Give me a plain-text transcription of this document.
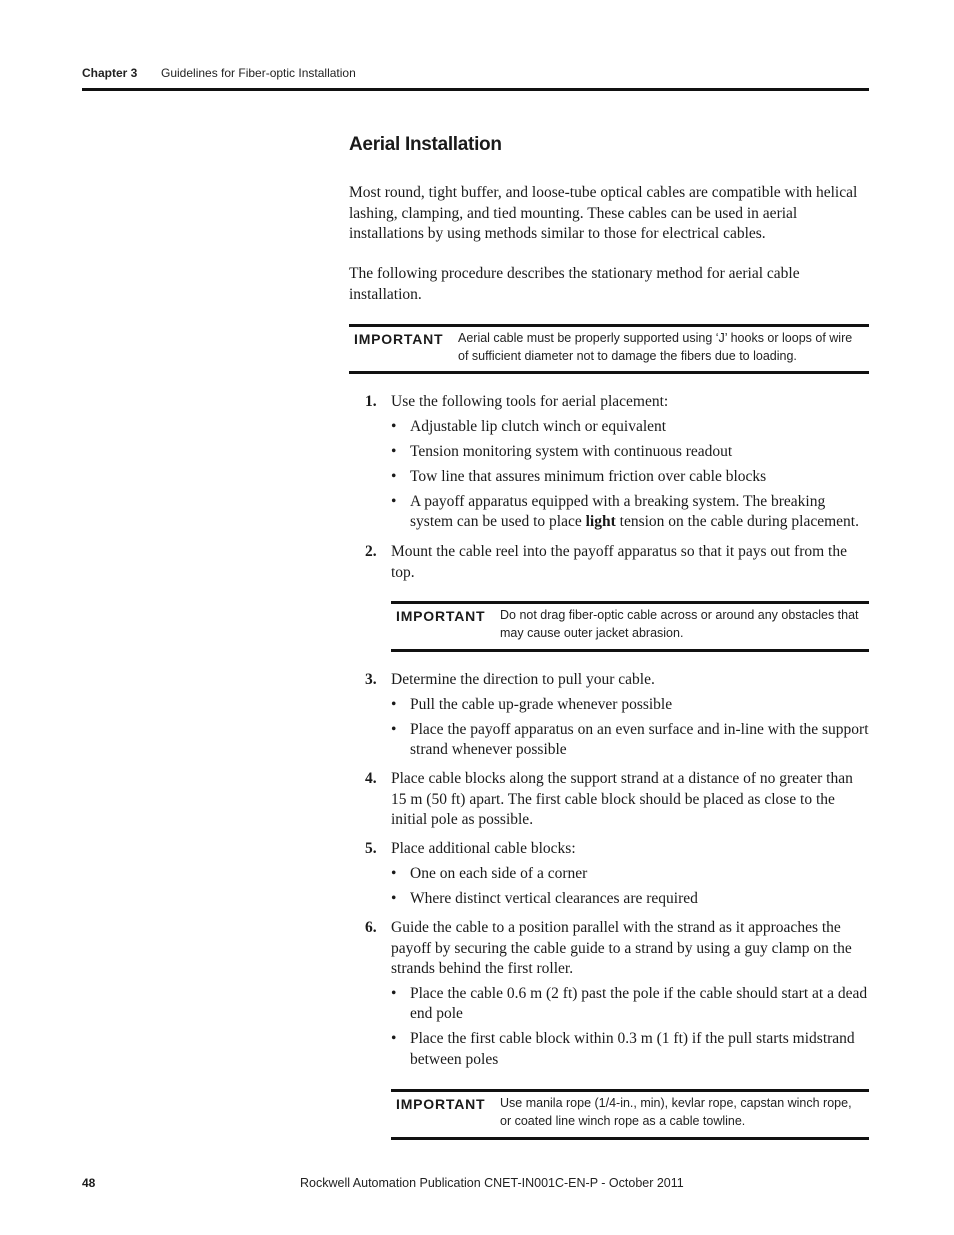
Chapter 3 Guidelines for Fiber-optic Installation
Aerial Installation
Most round, tight buffer, and loose-tube optical cables are compatible with helical lashing, clamping, and tied mounting. These cables can be used in aerial installations by using methods similar to those for electrical cables.
The following procedure describes the stationary method for aerial cable installation.
IMPORTANT Aerial cable must be properly supported using ‘J’ hooks or loops of wire of sufficient diameter not to damage the fibers due to loading.
1. Use the following tools for aerial placement:
• Adjustable lip clutch winch or equivalent
• Tension monitoring system with continuous readout
• Tow line that assures minimum friction over cable blocks
• A payoff apparatus equipped with a breaking system. The breaking system can be used to place light tension on the cable during placement.
2. Mount the cable reel into the payoff apparatus so that it pays out from the top.
IMPORTANT Do not drag fiber-optic cable across or around any obstacles that may cause outer jacket abrasion.
3. Determine the direction to pull your cable.
• Pull the cable up-grade whenever possible
• Place the payoff apparatus on an even surface and in-line with the support strand whenever possible
4. Place cable blocks along the support strand at a distance of no greater than 15 m (50 ft) apart. The first cable block should be placed as close to the initial pole as possible.
5. Place additional cable blocks:
• One on each side of a corner
• Where distinct vertical clearances are required
6. Guide the cable to a position parallel with the strand as it approaches the payoff by securing the cable guide to a strand by using a guy clamp on the strands behind the first roller.
• Place the cable 0.6 m (2 ft) past the pole if the cable should start at a dead end pole
• Place the first cable block within 0.3 m (1 ft) if the pull starts midstrand between poles
IMPORTANT Use manila rope (1/4-in., min), kevlar rope, capstan winch rope, or coated line winch rope as a cable towline.
48	Rockwell Automation Publication CNET-IN001C-EN-P - October 2011
